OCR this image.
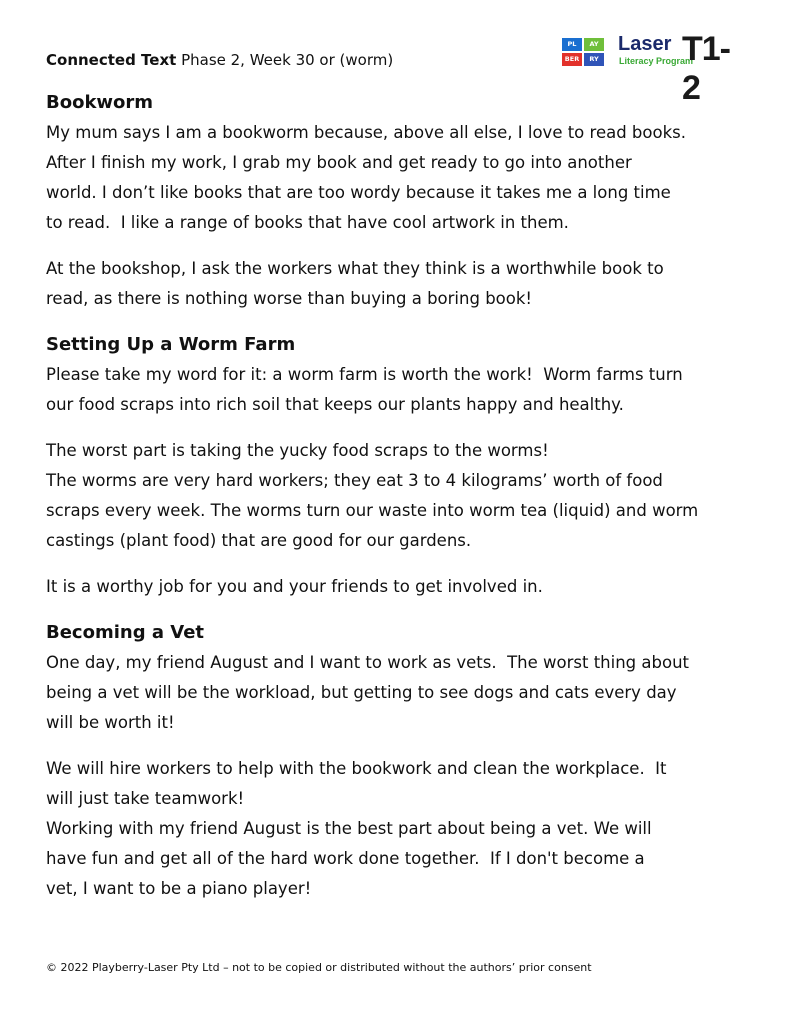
Connected Text Phase 2, Week 30 or (worm)
PL	AY
BER	RY
Laser
Literacy Program
T1-2
Bookworm

My mum says I am a bookworm because, above all else, I love to read books.
After I finish my work, I grab my book and get ready to go into another
world. I don’t like books that are too wordy because it takes me a long time
to read.  I like a range of books that have cool artwork in them.

At the bookshop, I ask the workers what they think is a worthwhile book to
read, as there is nothing worse than buying a boring book!

Setting Up a Worm Farm

Please take my word for it: a worm farm is worth the work!  Worm farms turn
our food scraps into rich soil that keeps our plants happy and healthy.

The worst part is taking the yucky food scraps to the worms!
The worms are very hard workers; they eat 3 to 4 kilograms’ worth of food
scraps every week. The worms turn our waste into worm tea (liquid) and worm
castings (plant food) that are good for our gardens.

It is a worthy job for you and your friends to get involved in.

Becoming a Vet

One day, my friend August and I want to work as vets.  The worst thing about
being a vet will be the workload, but getting to see dogs and cats every day
will be worth it!

We will hire workers to help with the bookwork and clean the workplace.  It
will just take teamwork!
Working with my friend August is the best part about being a vet. We will
have fun and get all of the hard work done together.  If I don't become a
vet, I want to be a piano player!

© 2022 Playberry-Laser Pty Ltd – not to be copied or distributed without the authors’ prior consent
